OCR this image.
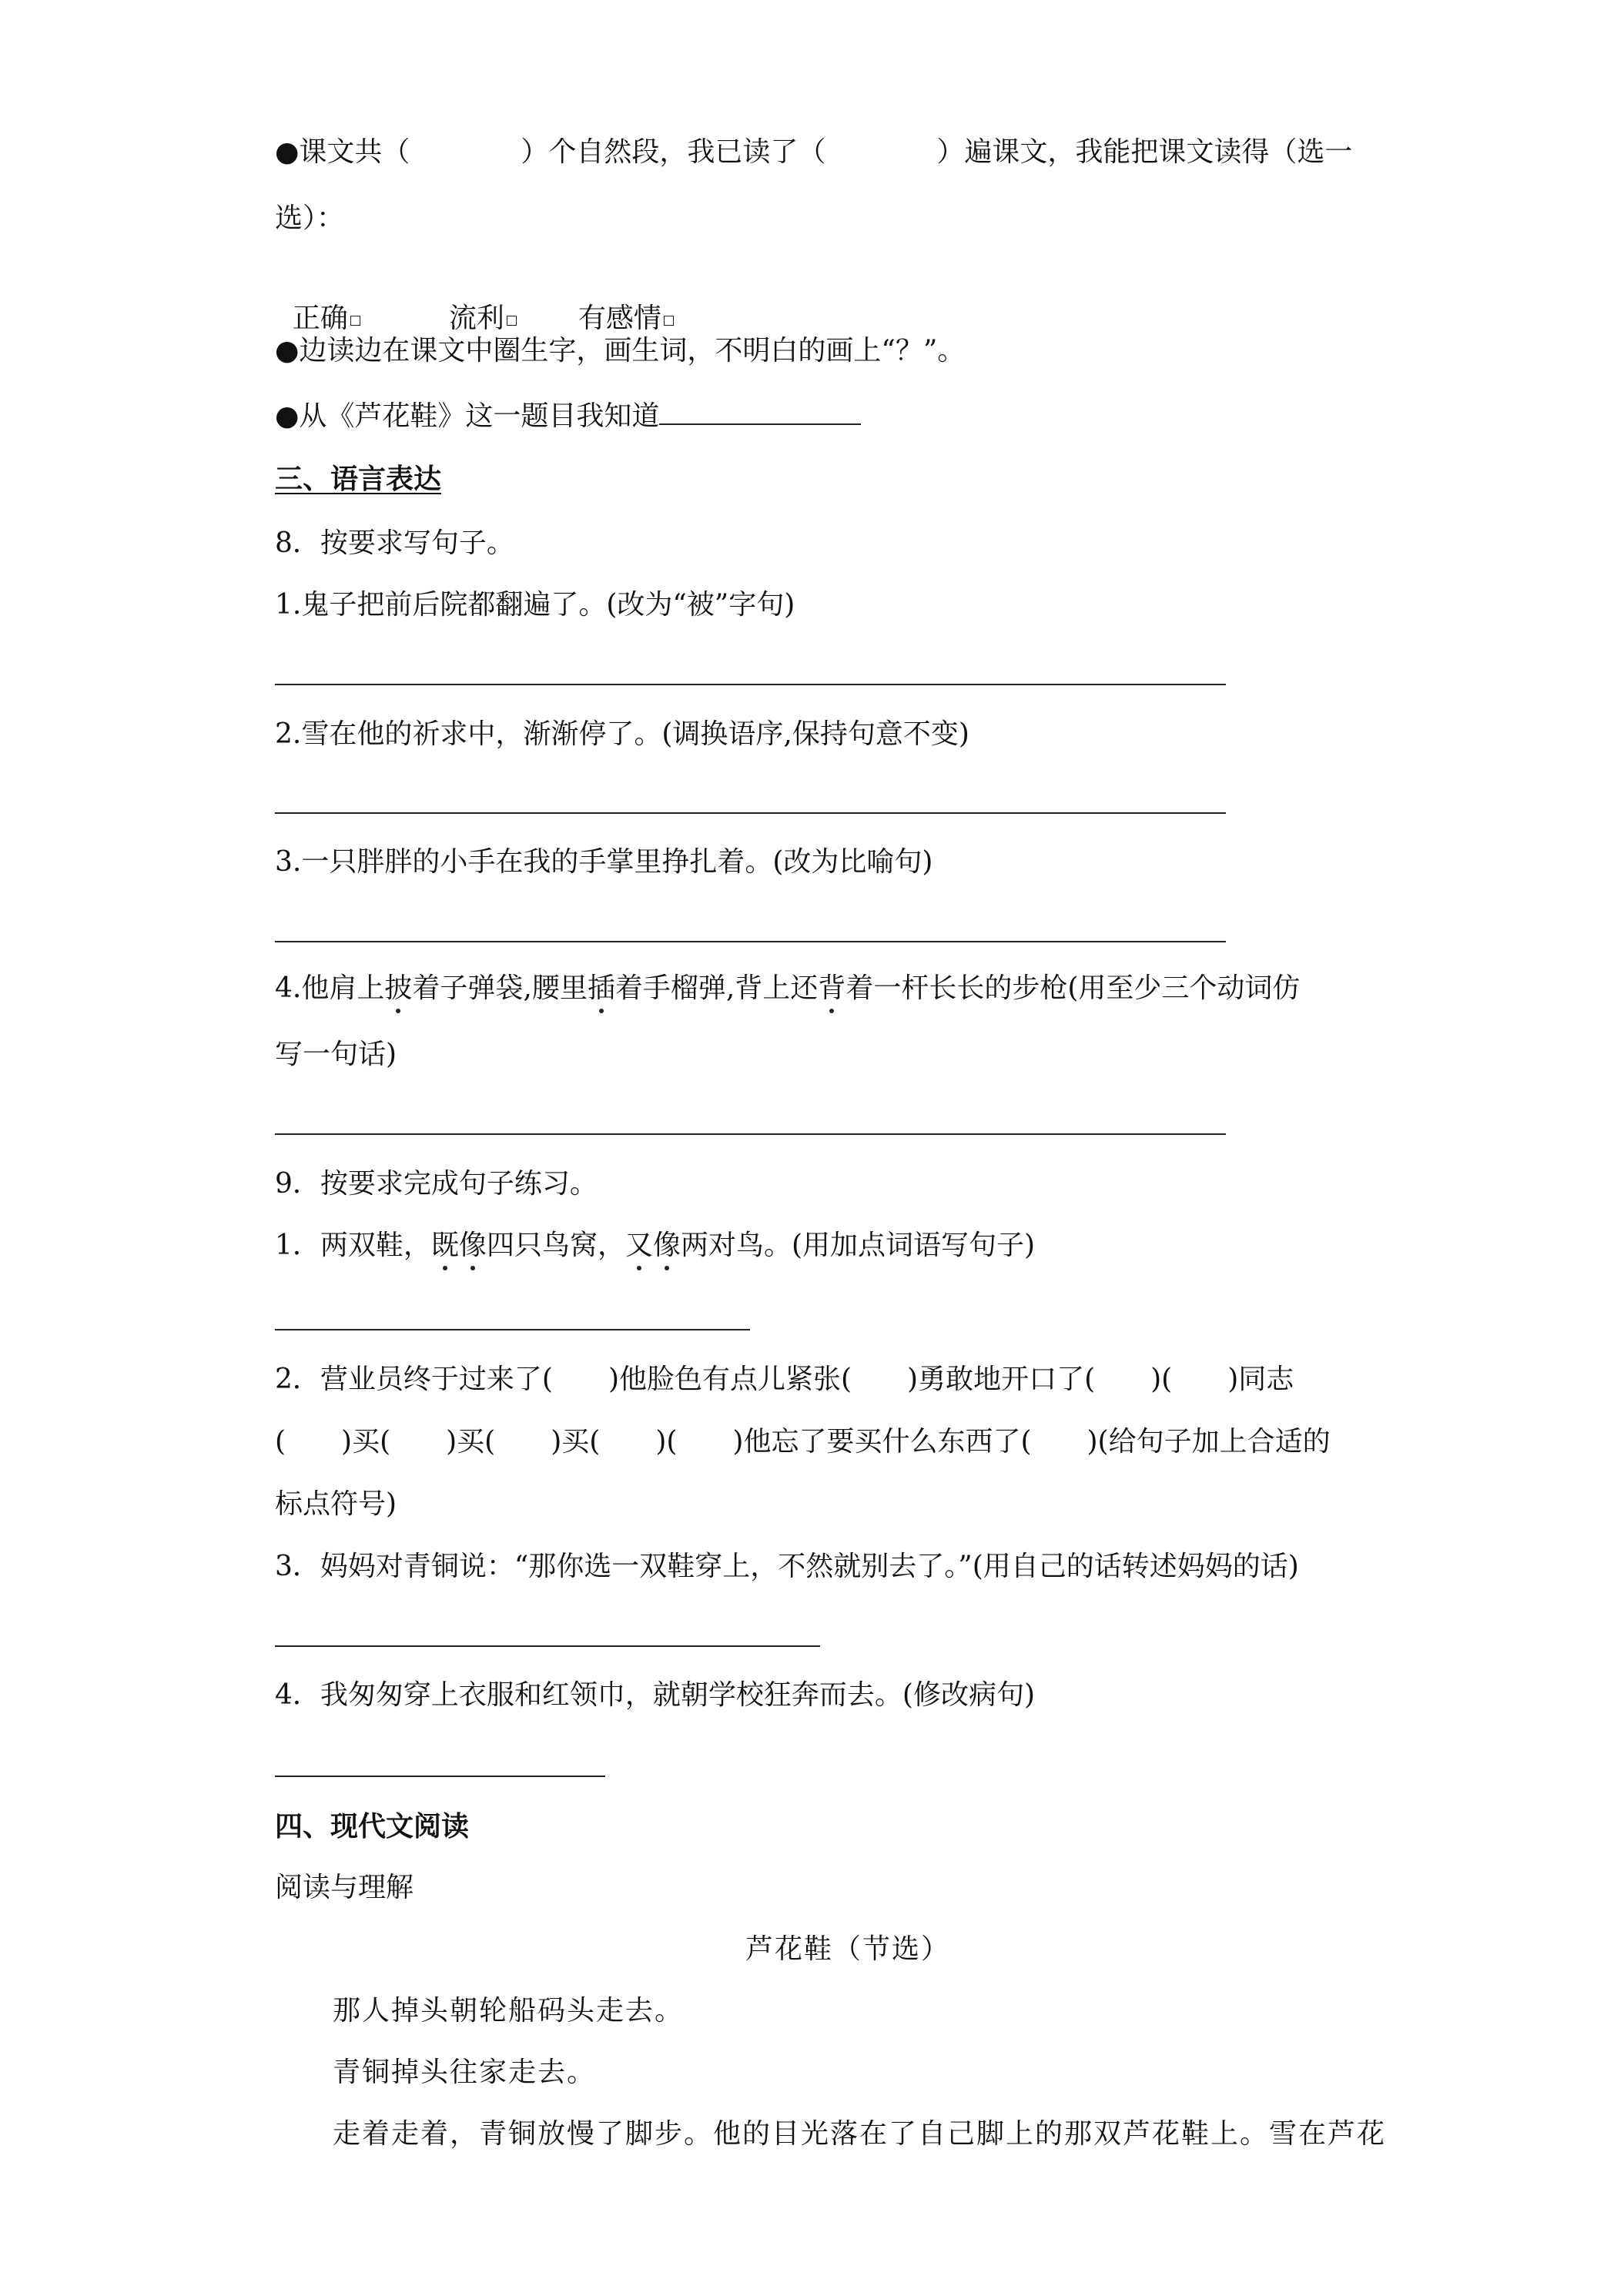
●课文共（　　　　）个自然段，我已读了（　　　　）遍课文，我能把课文读得（选一
选）：

正确	流利	有感情

●边读边在课文中圈生字，画生词，不明白的画上“？”。
●从《芦花鞋》这一题目我知道
三、语言表达
8．按要求写句子。
1.鬼子把前后院都翻遍了。(改为“被”字句)
2.雪在他的祈求中，渐渐停了。(调换语序,保持句意不变)
3.一只胖胖的小手在我的手掌里挣扎着。(改为比喻句)
4.他肩上披着子弹袋,腰里插着手榴弹,背上还背着一杆长长的步枪(用至少三个动词仿
写一句话)
9．按要求完成句子练习。
1．两双鞋，既像四只鸟窝，又像两对鸟。(用加点词语写句子)
2．营业员终于过来了(　　)他脸色有点儿紧张(　　)勇敢地开口了(　　)(　　)同志
(　　)买(　　)买(　　)买(　　)(　　)他忘了要买什么东西了(　　)(给句子加上合适的
标点符号)
3．妈妈对青铜说：“那你选一双鞋穿上，不然就别去了。”(用自己的话转述妈妈的话)
4．我匆匆穿上衣服和红领巾，就朝学校狂奔而去。(修改病句)
四、现代文阅读
阅读与理解
芦花鞋（节选）
那人掉头朝轮船码头走去。
青铜掉头往家走去。
走着走着，青铜放慢了脚步。他的目光落在了自己脚上的那双芦花鞋上。雪在芦花
